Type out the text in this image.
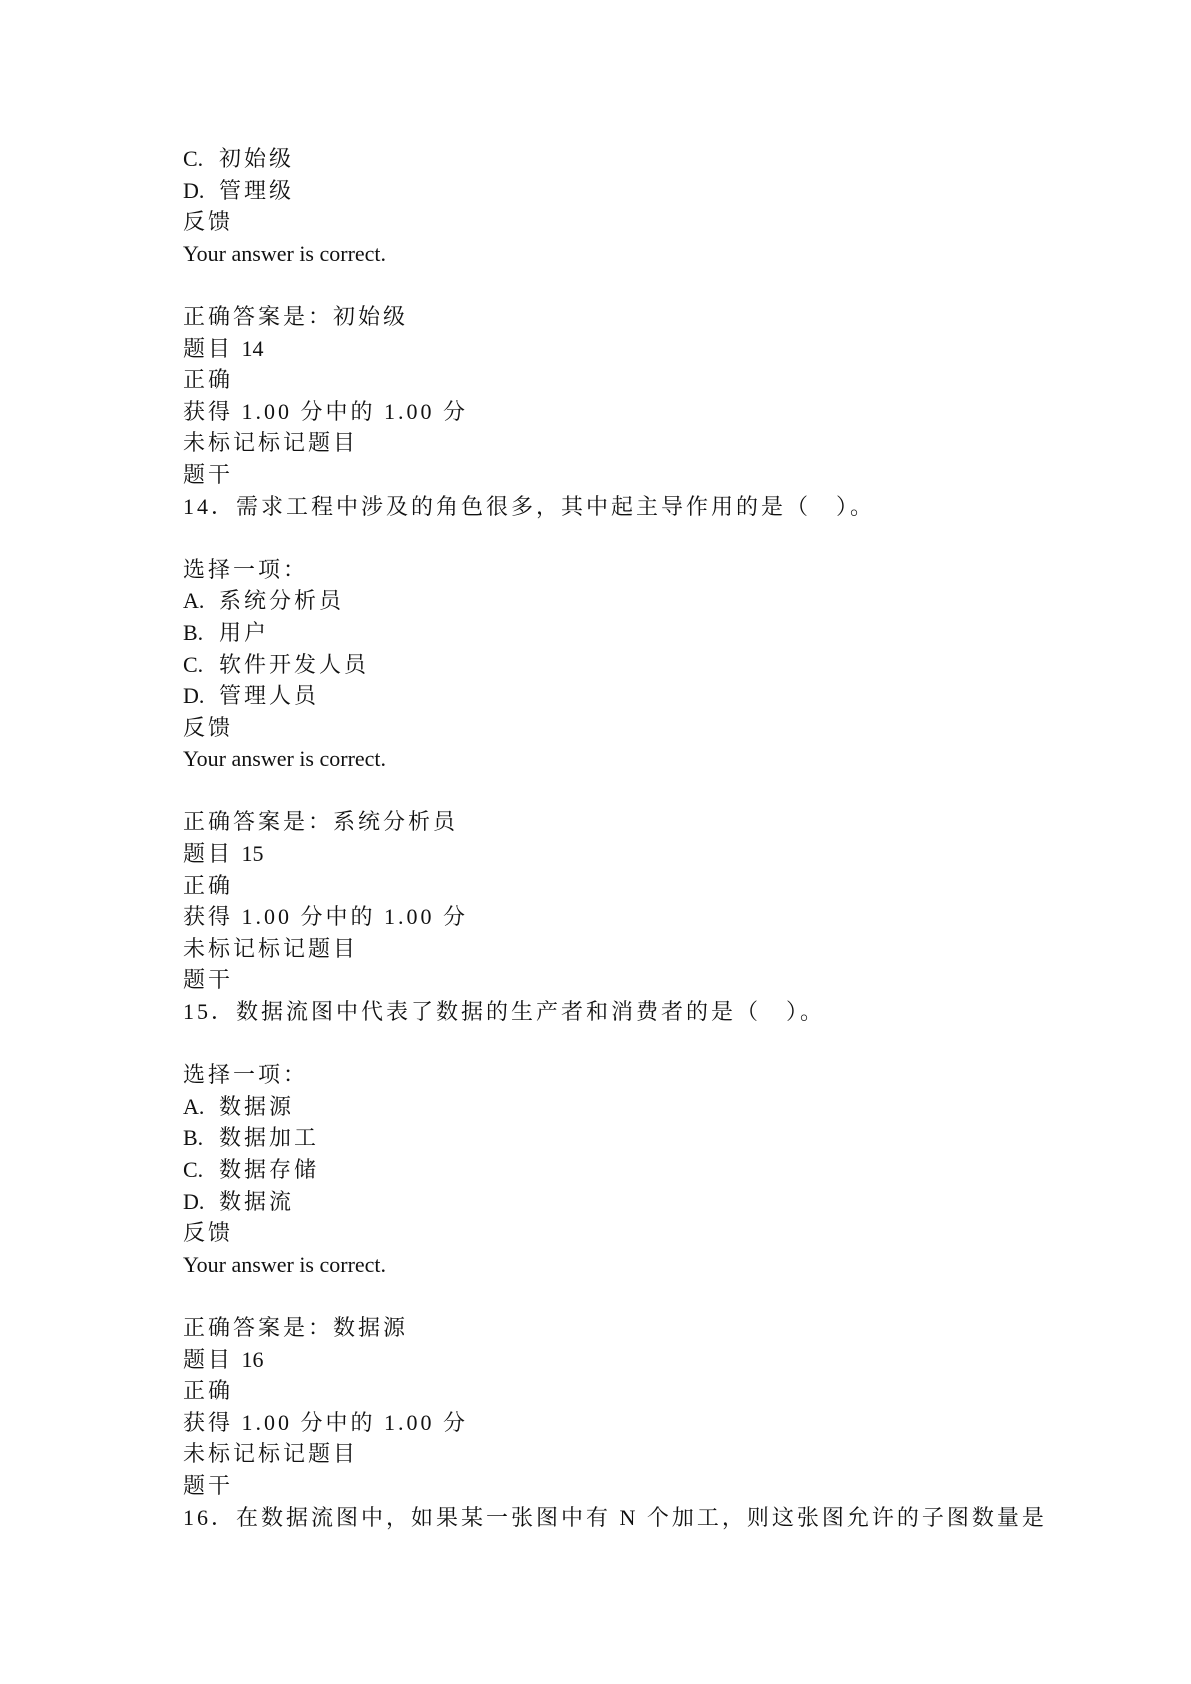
C. 初始级
D. 管理级
反馈
Your answer is correct.
正确答案是：初始级
题目 14
正确
获得 1.00 分中的 1.00 分
未标记标记题目
题干
14．需求工程中涉及的角色很多，其中起主导作用的是（　）。
选择一项：
A. 系统分析员
B. 用户
C. 软件开发人员
D. 管理人员
反馈
Your answer is correct.
正确答案是：系统分析员
题目 15
正确
获得 1.00 分中的 1.00 分
未标记标记题目
题干
15．数据流图中代表了数据的生产者和消费者的是（　）。
选择一项：
A. 数据源
B. 数据加工
C. 数据存储
D. 数据流
反馈
Your answer is correct.
正确答案是：数据源
题目 16
正确
获得 1.00 分中的 1.00 分
未标记标记题目
题干
16．在数据流图中，如果某一张图中有 N 个加工，则这张图允许的子图数量是
